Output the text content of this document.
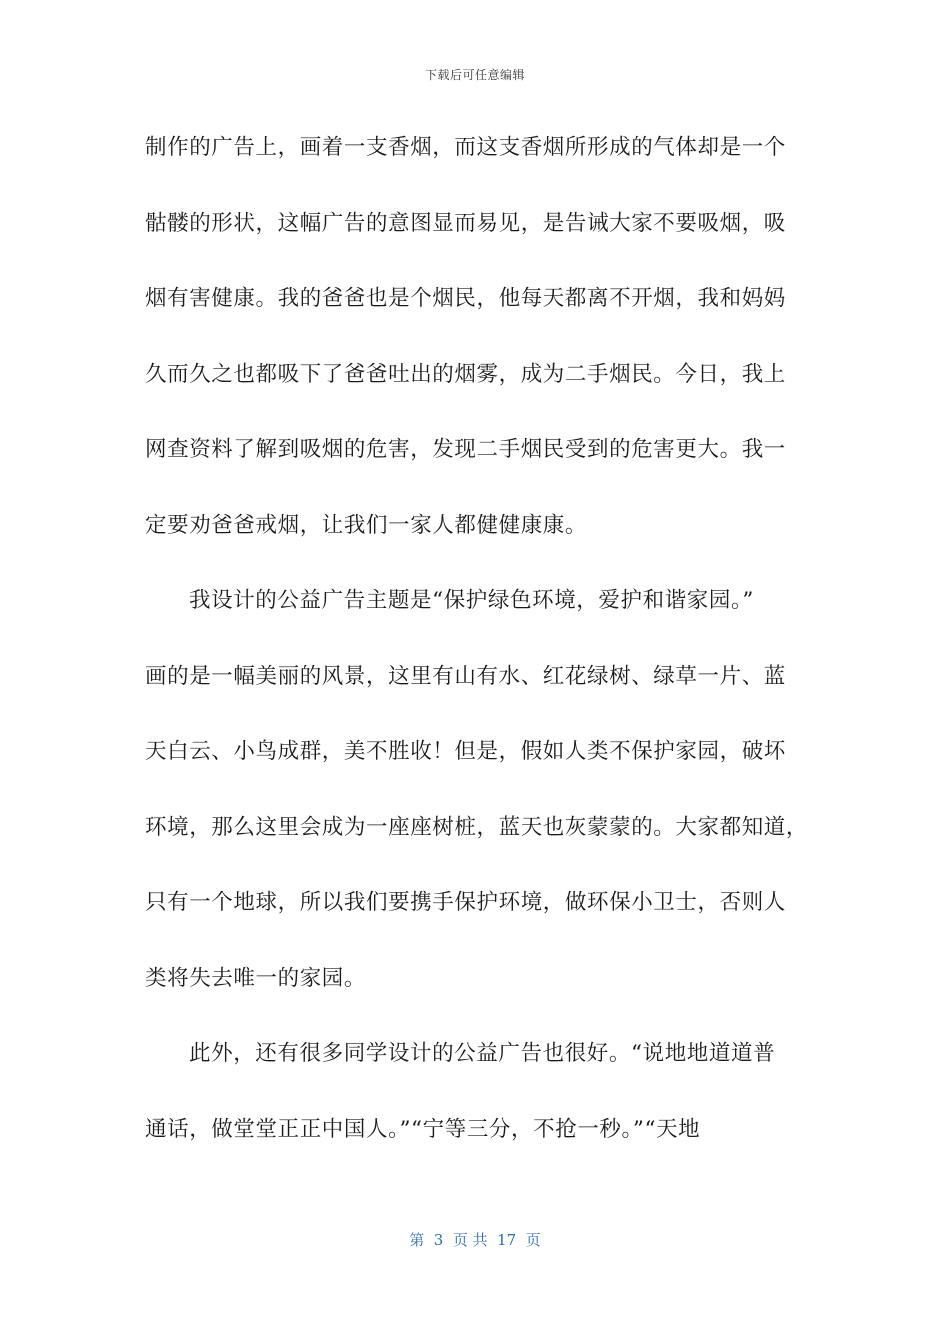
下载后可任意编辑
制作的广告上，画着一支香烟，而这支香烟所形成的气体却是一个
骷髅的形状，这幅广告的意图显而易见，是告诫大家不要吸烟，吸
烟有害健康。我的爸爸也是个烟民，他每天都离不开烟，我和妈妈
久而久之也都吸下了爸爸吐出的烟雾，成为二手烟民。今日，我上
网查资料了解到吸烟的危害，发现二手烟民受到的危害更大。我一
定要劝爸爸戒烟，让我们一家人都健健康康。
我设计的公益广告主题是“保护绿色环境，爱护和谐家园。”
画的是一幅美丽的风景，这里有山有水、红花绿树、绿草一片、蓝
天白云、小鸟成群，美不胜收！但是，假如人类不保护家园，破坏
环境，那么这里会成为一座座树桩，蓝天也灰蒙蒙的。大家都知道，
只有一个地球，所以我们要携手保护环境，做环保小卫士，否则人
类将失去唯一的家园。
此外，还有很多同学设计的公益广告也很好。“说地地道道普
通话，做堂堂正正中国人。”“宁等三分，不抢一秒。”“天地
第  3  页 共  17  页
